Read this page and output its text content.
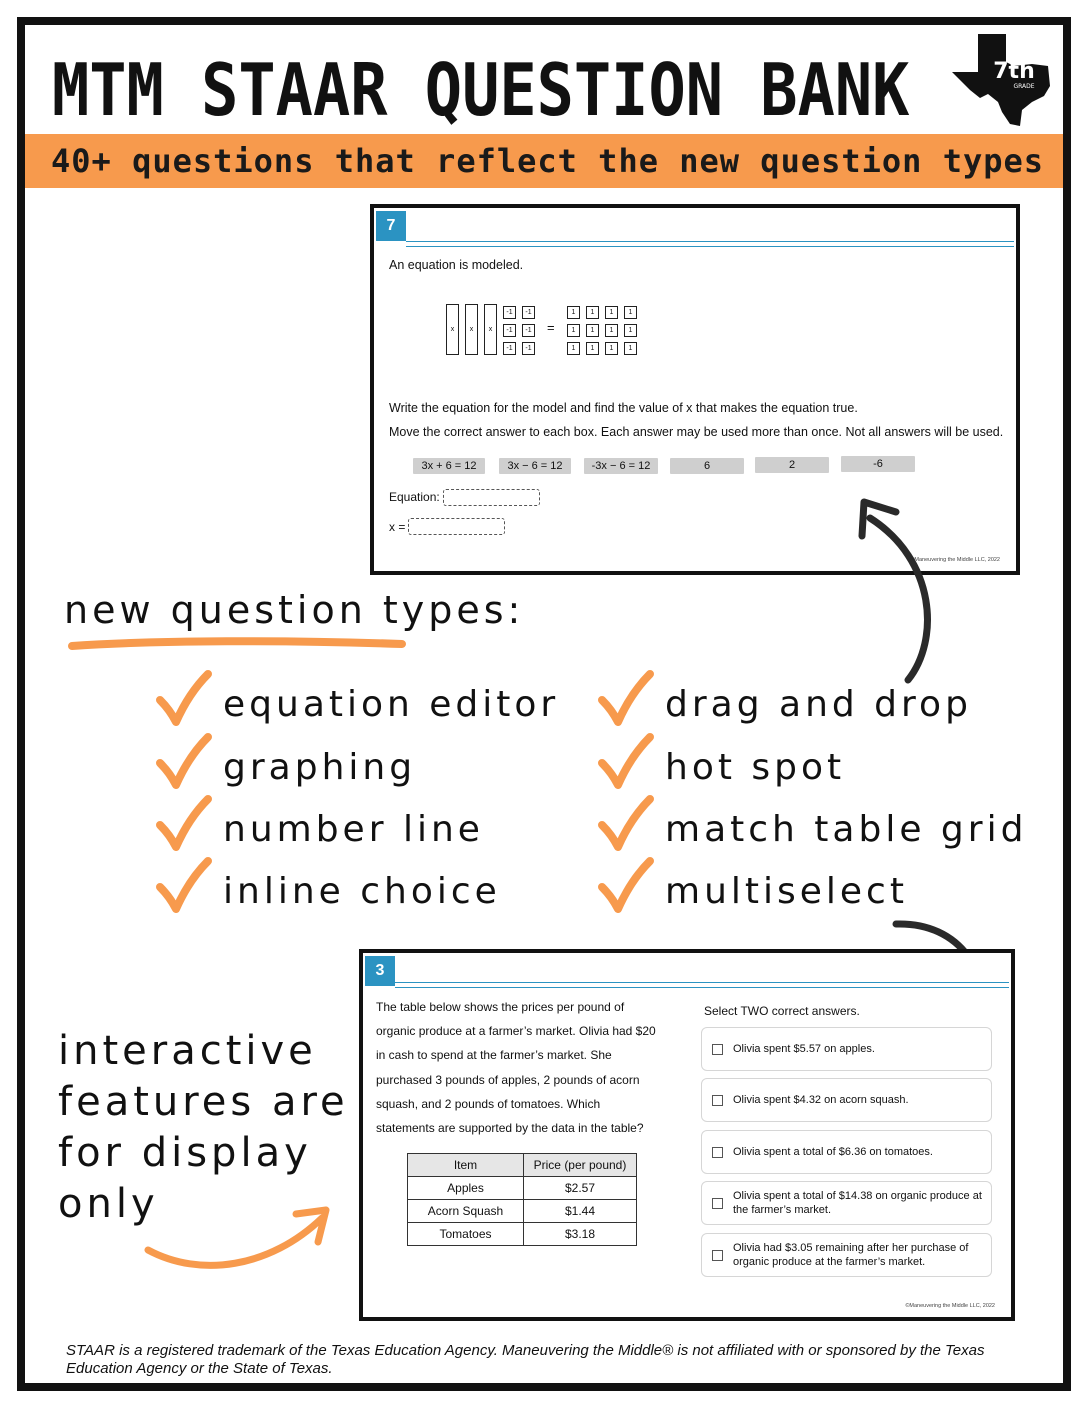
MTM STAAR QUESTION BANK	7th
GRADE
40+ questions that reflect the new question types
7
An equation is modeled.
x x x	=
Write the equation for the model and find the value of x that makes the equation true.
Move the correct answer to each box. Each answer may be used more than once. Not all answers will be used.
3x + 6 = 12	3x − 6 = 12	-3x − 6 = 12	6	2	-6
Equation:
x =
©Maneuvering the Middle LLC, 2022
-1	-1
-1	-1
-1	-1
1	1	1	1
1	1	1	1
1	1	1	1
new question types:
equation editor
graphing
number line
inline choice
drag and drop
hot spot
match table grid
multiselect
interactive
features are
for display
only
3
The table below shows the prices per pound of
organic produce at a farmer’s market. Olivia had $20
in cash to spend at the farmer’s market. She
purchased 3 pounds of apples, 2 pounds of acorn
squash, and 2 pounds of tomatoes. Which
statements are supported by the data in the table?
Item	Price (per pound)
Apples	$2.57
Acorn Squash	$1.44
Tomatoes	$3.18
Select TWO correct answers.
Olivia spent $5.57 on apples.
Olivia spent $4.32 on acorn squash.
Olivia spent a total of $6.36 on tomatoes.
Olivia spent a total of $14.38 on organic produce at the farmer’s market.
Olivia had $3.05 remaining after her purchase of organic produce at the farmer’s market.
©Maneuvering the Middle LLC, 2022
STAAR is a registered trademark of the Texas Education Agency. Maneuvering the Middle® is not affiliated with or sponsored by the Texas Education Agency or the State of Texas.
